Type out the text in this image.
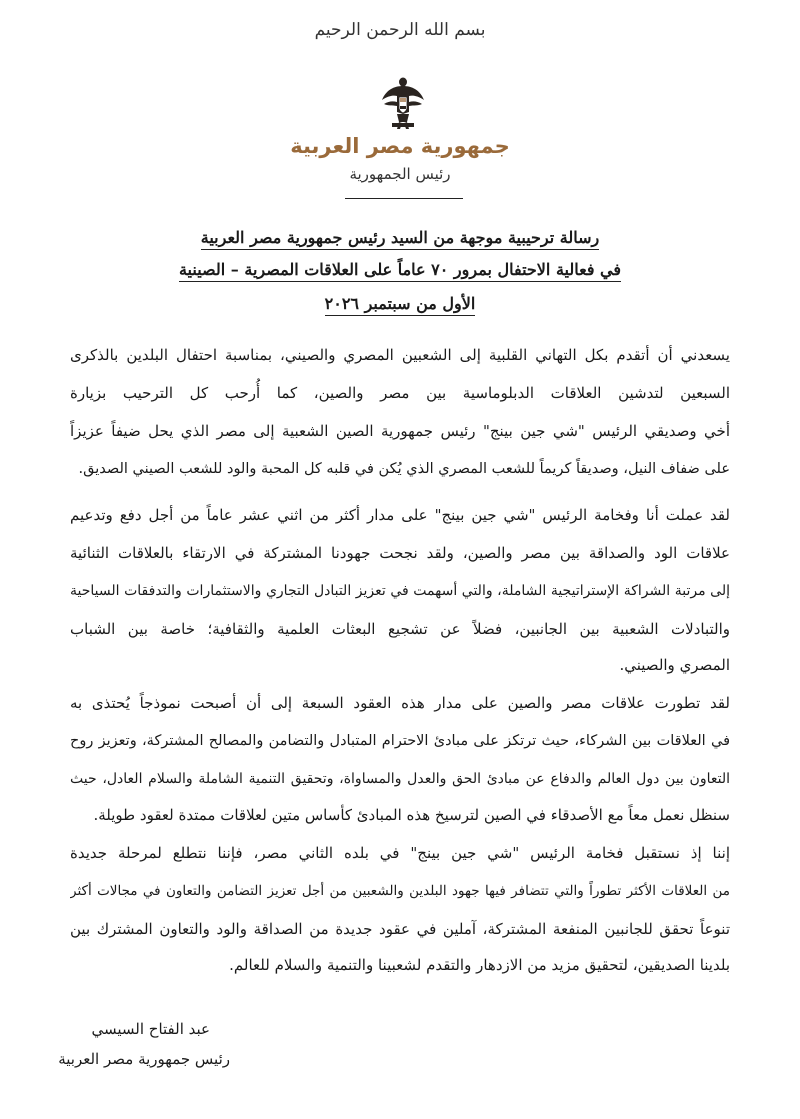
بسم الله الرحمن الرحيم
جمهورية مصر العربية
رئيس الجمهورية
رسالة ترحيبية موجهة من السيد رئيس جمهورية مصر العربية
في فعالية الاحتفال بمرور ٧٠ عاماً على العلاقات المصرية – الصينية
الأول من سبتمبر ٢٠٢٦
يسعدني أن أتقدم بكل التهاني القلبية إلى الشعبين المصري والصيني، بمناسبة احتفال البلدين بالذكرى
السبعين لتدشين العلاقات الدبلوماسية بين مصر والصين، كما أُرحب كل الترحيب بزيارة
أخي وصديقي الرئيس "شي جين بينج" رئيس جمهورية الصين الشعبية إلى مصر الذي يحل ضيفاً عزيزاً
على ضفاف النيل، وصديقاً كريماً للشعب المصري الذي يُكن في قلبه كل المحبة والود للشعب الصيني الصديق.
لقد عملت أنا وفخامة الرئيس "شي جين بينج" على مدار أكثر من اثني عشر عاماً من أجل دفع وتدعيم
علاقات الود والصداقة بين مصر والصين، ولقد نجحت جهودنا المشتركة في الارتقاء بالعلاقات الثنائية
إلى مرتبة الشراكة الإستراتيجية الشاملة، والتي أسهمت في تعزيز التبادل التجاري والاستثمارات والتدفقات السياحية
والتبادلات الشعبية بين الجانبين، فضلاً عن تشجيع البعثات العلمية والثقافية؛ خاصة بين الشباب
المصري والصيني.
لقد تطورت علاقات مصر والصين على مدار هذه العقود السبعة إلى أن أصبحت نموذجاً يُحتذى به
في العلاقات بين الشركاء، حيث ترتكز على مبادئ الاحترام المتبادل والتضامن والمصالح المشتركة، وتعزيز روح
التعاون بين دول العالم والدفاع عن مبادئ الحق والعدل والمساواة، وتحقيق التنمية الشاملة والسلام العادل، حيث
سنظل نعمل معاً مع الأصدقاء في الصين لترسيخ هذه المبادئ كأساس متين لعلاقات ممتدة لعقود طويلة.
إننا إذ نستقبل فخامة الرئيس "شي جين بينج" في بلده الثاني مصر، فإننا نتطلع لمرحلة جديدة
من العلاقات الأكثر تطوراً والتي تتضافر فيها جهود البلدين والشعبين من أجل تعزيز التضامن والتعاون في مجالات أكثر
تنوعاً تحقق للجانبين المنفعة المشتركة، آملين في عقود جديدة من الصداقة والود والتعاون المشترك بين
بلدينا الصديقين، لتحقيق مزيد من الازدهار والتقدم لشعبينا والتنمية والسلام للعالم.
عبد الفتاح السيسي
رئيس جمهورية مصر العربية
